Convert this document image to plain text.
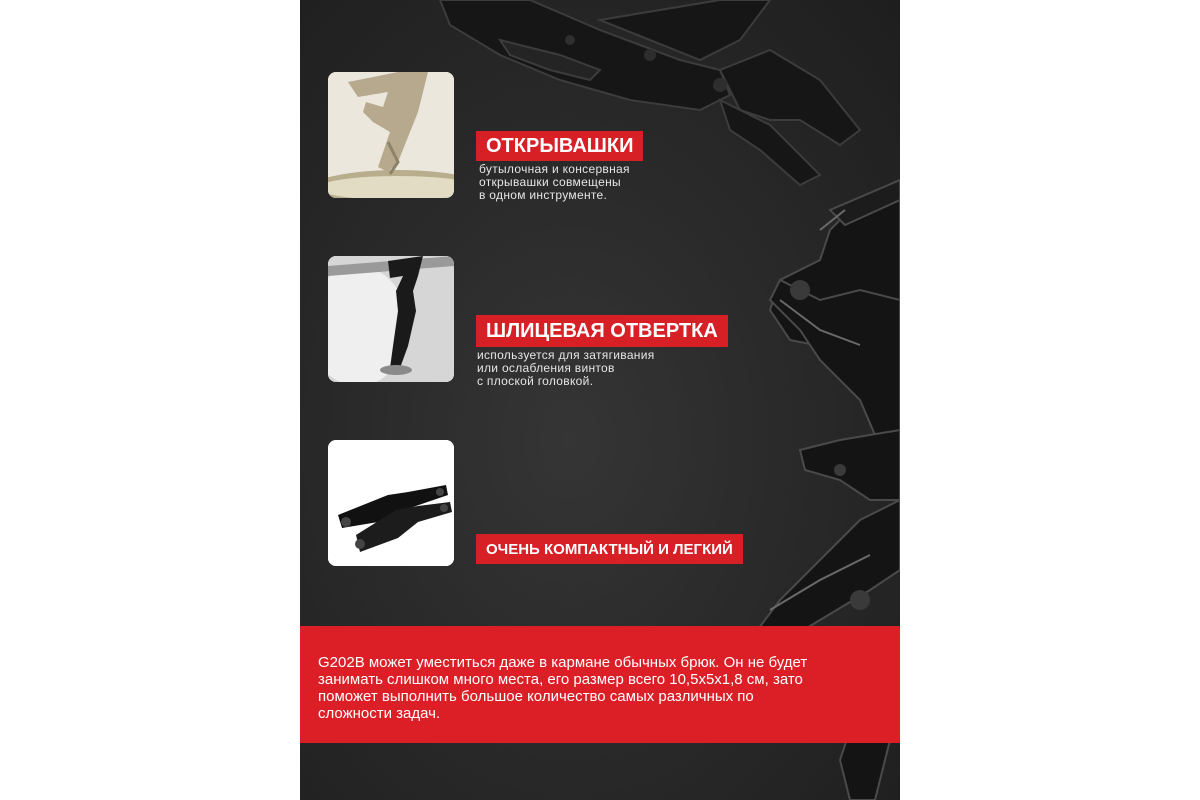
ОТКРЫВАШКИ
бутылочная и консервная
открывашки совмещены
в одном инструменте.
ШЛИЦЕВАЯ ОТВЕРТКА
используется для затягивания
или ослабления винтов
с плоской головкой.
ОЧЕНЬ КОМПАКТНЫЙ И ЛЕГКИЙ

G202B может уместиться даже в кармане обычных брюк. Он не будет занимать слишком много места, его размер всего 10,5х5х1,8 см, зато поможет выполнить большое количество самых различных по сложности задач.
